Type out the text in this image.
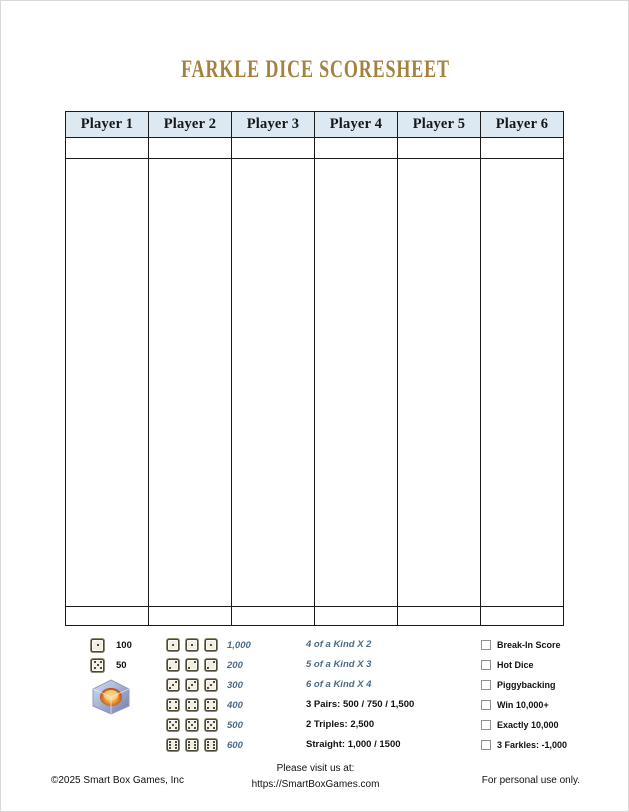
FARKLE DICE SCORESHEET
Player 1	Player 2	Player 3	Player 4	Player 5	Player 6

100
50
1,000
200
300
400
500
600
4 of a Kind X 2
5 of a Kind X 3
6 of a Kind X 4
3 Pairs: 500 / 750 / 1,500
2 Triples: 2,500
Straight: 1,000 / 1500
Break-In Score
Hot Dice
Piggybacking
Win 10,000+
Exactly 10,000
3 Farkles: -1,000
©2025 Smart Box Games, Inc
Please visit us at:
https://SmartBoxGames.com	For personal use only.
